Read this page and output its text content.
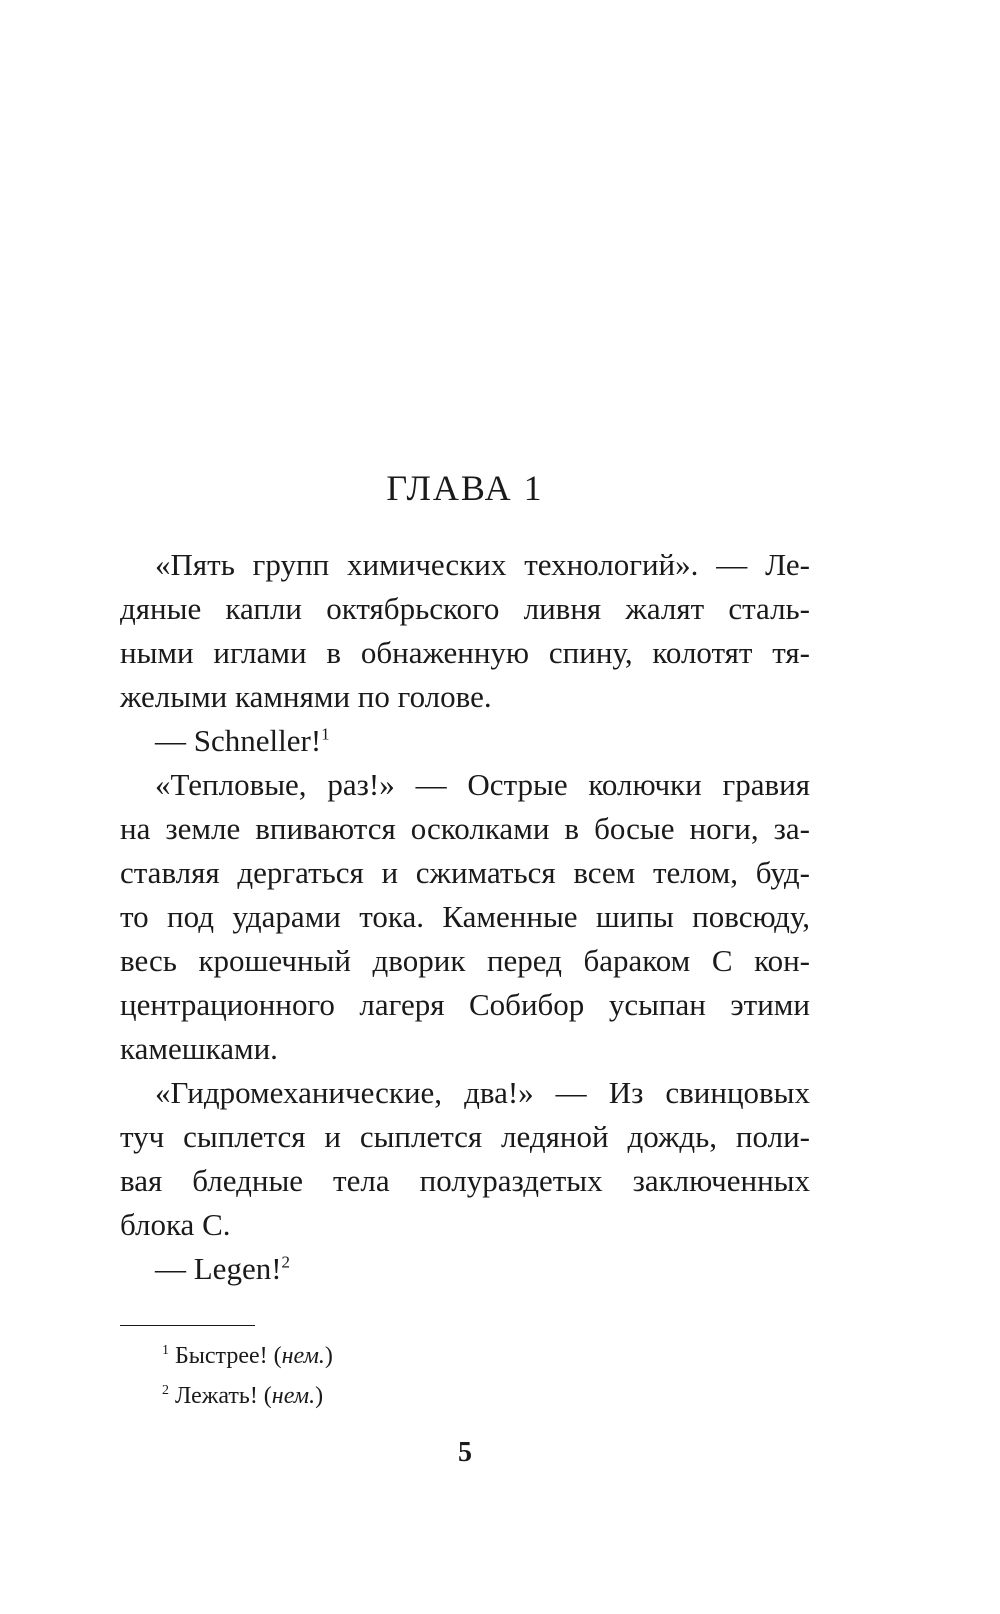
ГЛАВА 1
«Пять групп химических технологий». — Ле-
дяные капли октябрьского ливня жалят сталь-
ными иглами в обнаженную спину, колотят тя-
желыми камнями по голове.
— Schneller!$^1$
«Тепловые, раз!» — Острые колючки гравия
на земле впиваются осколками в босые ноги, за-
ставляя дергаться и сжиматься всем телом, буд-
то под ударами тока. Каменные шипы повсюду,
весь крошечный дворик перед бараком С кон-
центрационного лагеря Собибор усыпан этими
камешками.
«Гидромеханические, два!» — Из свинцовых
туч сыплется и сыплется ледяной дождь, поли-
вая бледные тела полураздетых заключенных
блока С.
— Legen!$^2$
$^1$ Быстрее! (нем.)
$^2$ Лежать! (нем.)
5
